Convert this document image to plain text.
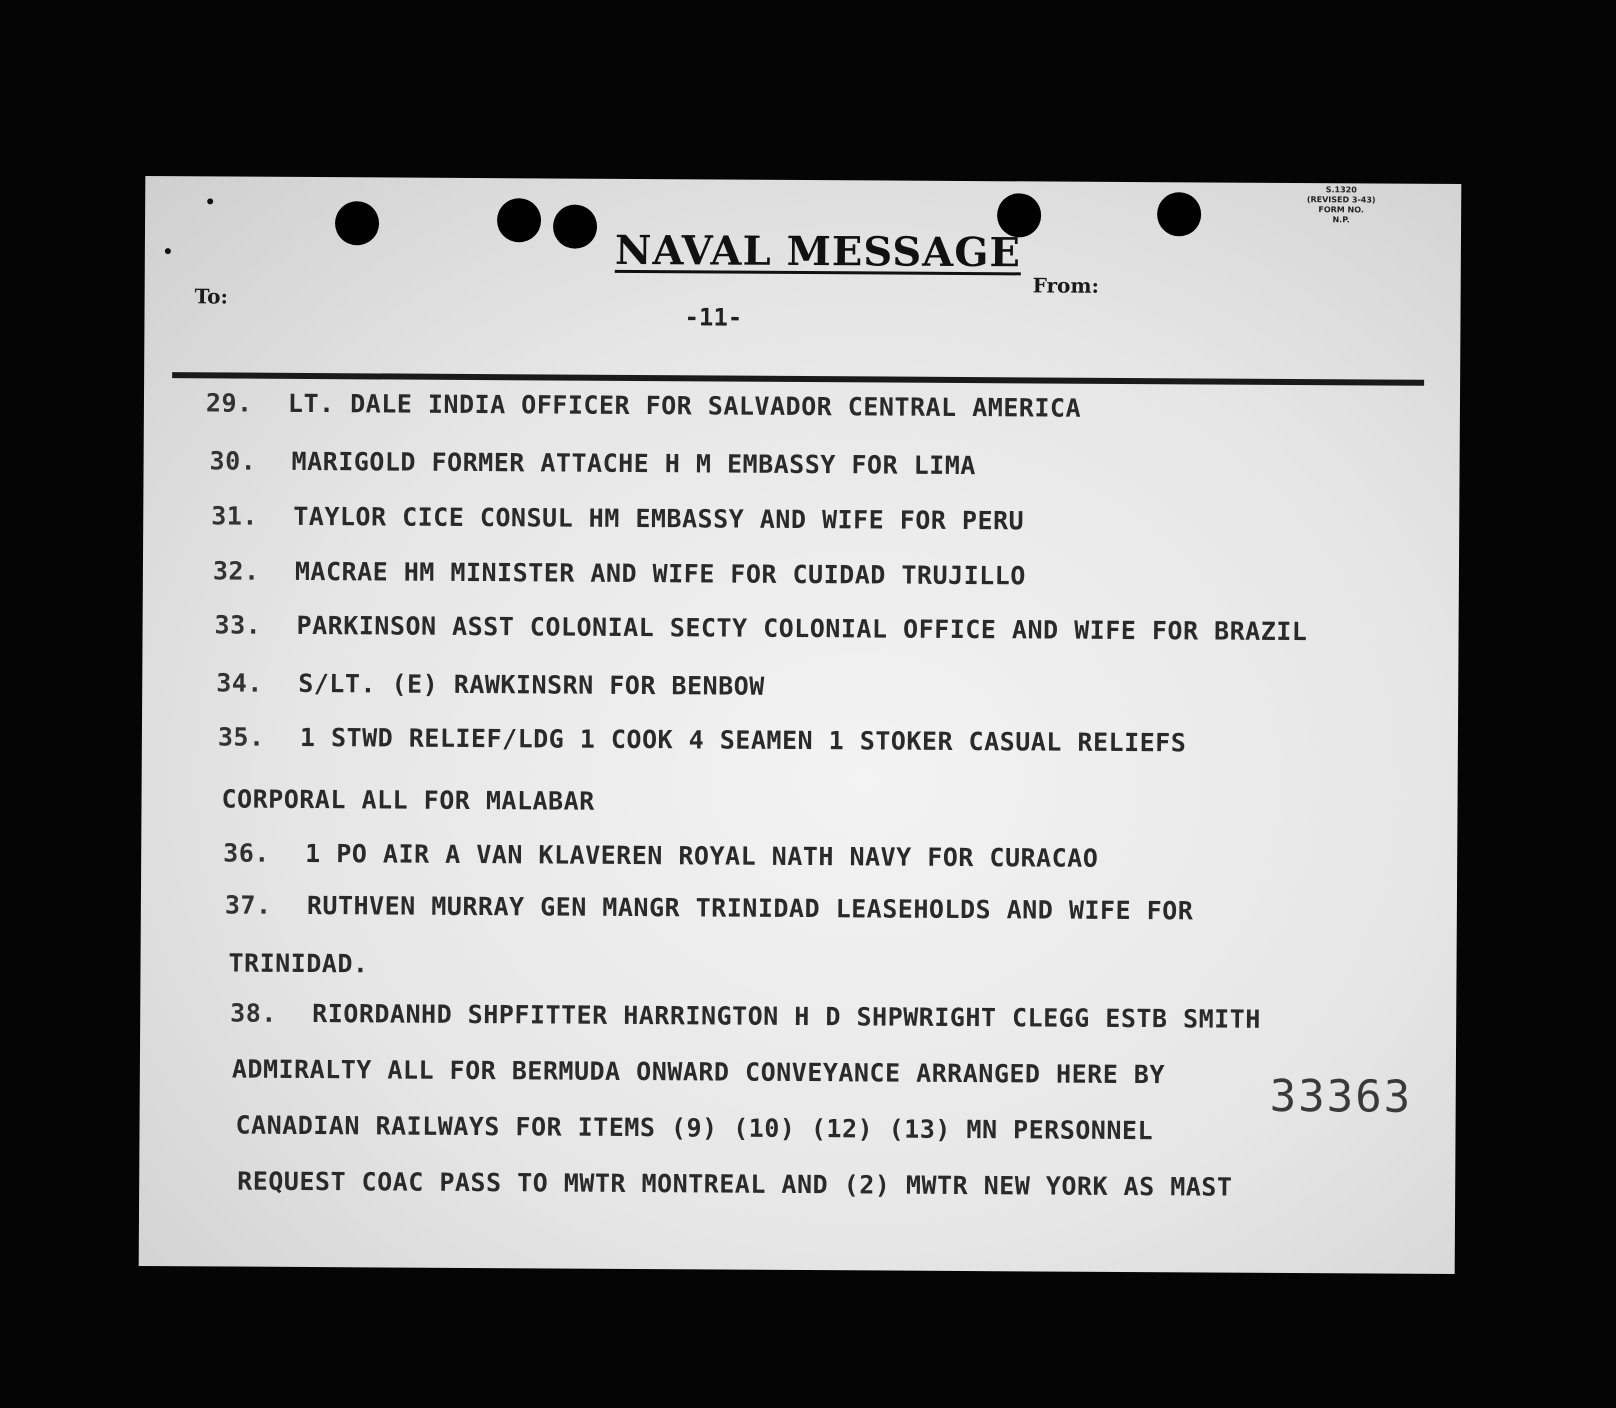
S.1320
(REVISED 3-43)
FORM NO.
N.P.
NAVAL MESSAGE
To:	From:
-11-
29. LT. DALE INDIA OFFICER FOR SALVADOR CENTRAL AMERICA
30. MARIGOLD FORMER ATTACHE H M EMBASSY FOR LIMA
31. TAYLOR CICE CONSUL HM EMBASSY AND WIFE FOR PERU
32. MACRAE HM MINISTER AND WIFE FOR CUIDAD TRUJILLO
33. PARKINSON ASST COLONIAL SECTY COLONIAL OFFICE AND WIFE FOR BRAZIL
34. S/LT. (E) RAWKINSRN FOR BENBOW
35. 1 STWD RELIEF/LDG 1 COOK 4 SEAMEN 1 STOKER CASUAL RELIEFS
CORPORAL ALL FOR MALABAR
36. 1 PO AIR A VAN KLAVEREN ROYAL NATH NAVY FOR CURACAO
37. RUTHVEN MURRAY GEN MANGR TRINIDAD LEASEHOLDS AND WIFE FOR
TRINIDAD.
38. RIORDANHD SHPFITTER HARRINGTON H D SHPWRIGHT CLEGG ESTB SMITH
ADMIRALTY ALL FOR BERMUDA ONWARD CONVEYANCE ARRANGED HERE BY
CANADIAN RAILWAYS FOR ITEMS (9) (10) (12) (13) MN PERSONNEL
REQUEST COAC PASS TO MWTR MONTREAL AND (2) MWTR NEW YORK AS MAST
33363
